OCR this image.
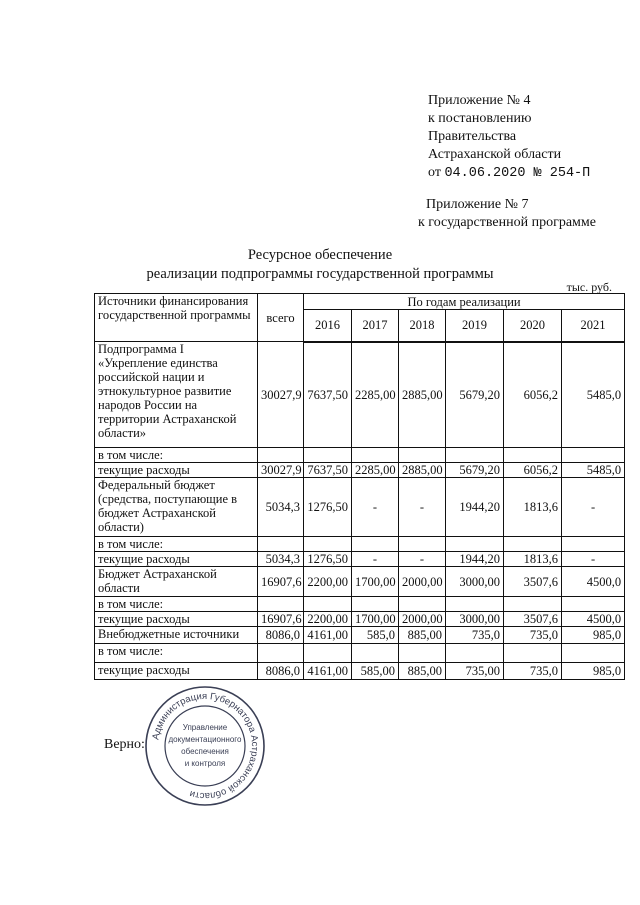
Приложение № 4
к постановлению
Правительства
Астраханской области
от 04.06.2020 № 254-П
Приложение № 7
к государственной программе
Ресурсное обеспечение
реализации подпрограммы государственной программы
тыс. руб.
Источники финансирования государственной программы	всего	По годам реализации					
		2016	2017	2018	2019	2020	2021
Подпрограмма I «Укрепление единства российской нации и этнокультурное развитие народов России на территории Астраханской области»	30027,9	7637,50	2285,00	2885,00	5679,20	6056,2	5485,0
в том числе:							
текущие расходы	30027,9	7637,50	2285,00	2885,00	5679,20	6056,2	5485,0
Федеральный бюджет (средства, поступающие в бюджет Астраханской области)	5034,3	1276,50	-	-	1944,20	1813,6	-
в том числе:							
текущие расходы	5034,3	1276,50	-	-	1944,20	1813,6	-
Бюджет Астраханской области	16907,6	2200,00	1700,00	2000,00	3000,00	3507,6	4500,0
в том числе:							
текущие расходы	16907,6	2200,00	1700,00	2000,00	3000,00	3507,6	4500,0
Внебюджетные источники	8086,0	4161,00	585,0	885,00	735,0	735,0	985,0
в том числе:							
текущие расходы	8086,0	4161,00	585,00	885,00	735,00	735,0	985,0
Верно:
Администрация Губернатора Астраханской области
Управление
документационного
обеспечения
и контроля
